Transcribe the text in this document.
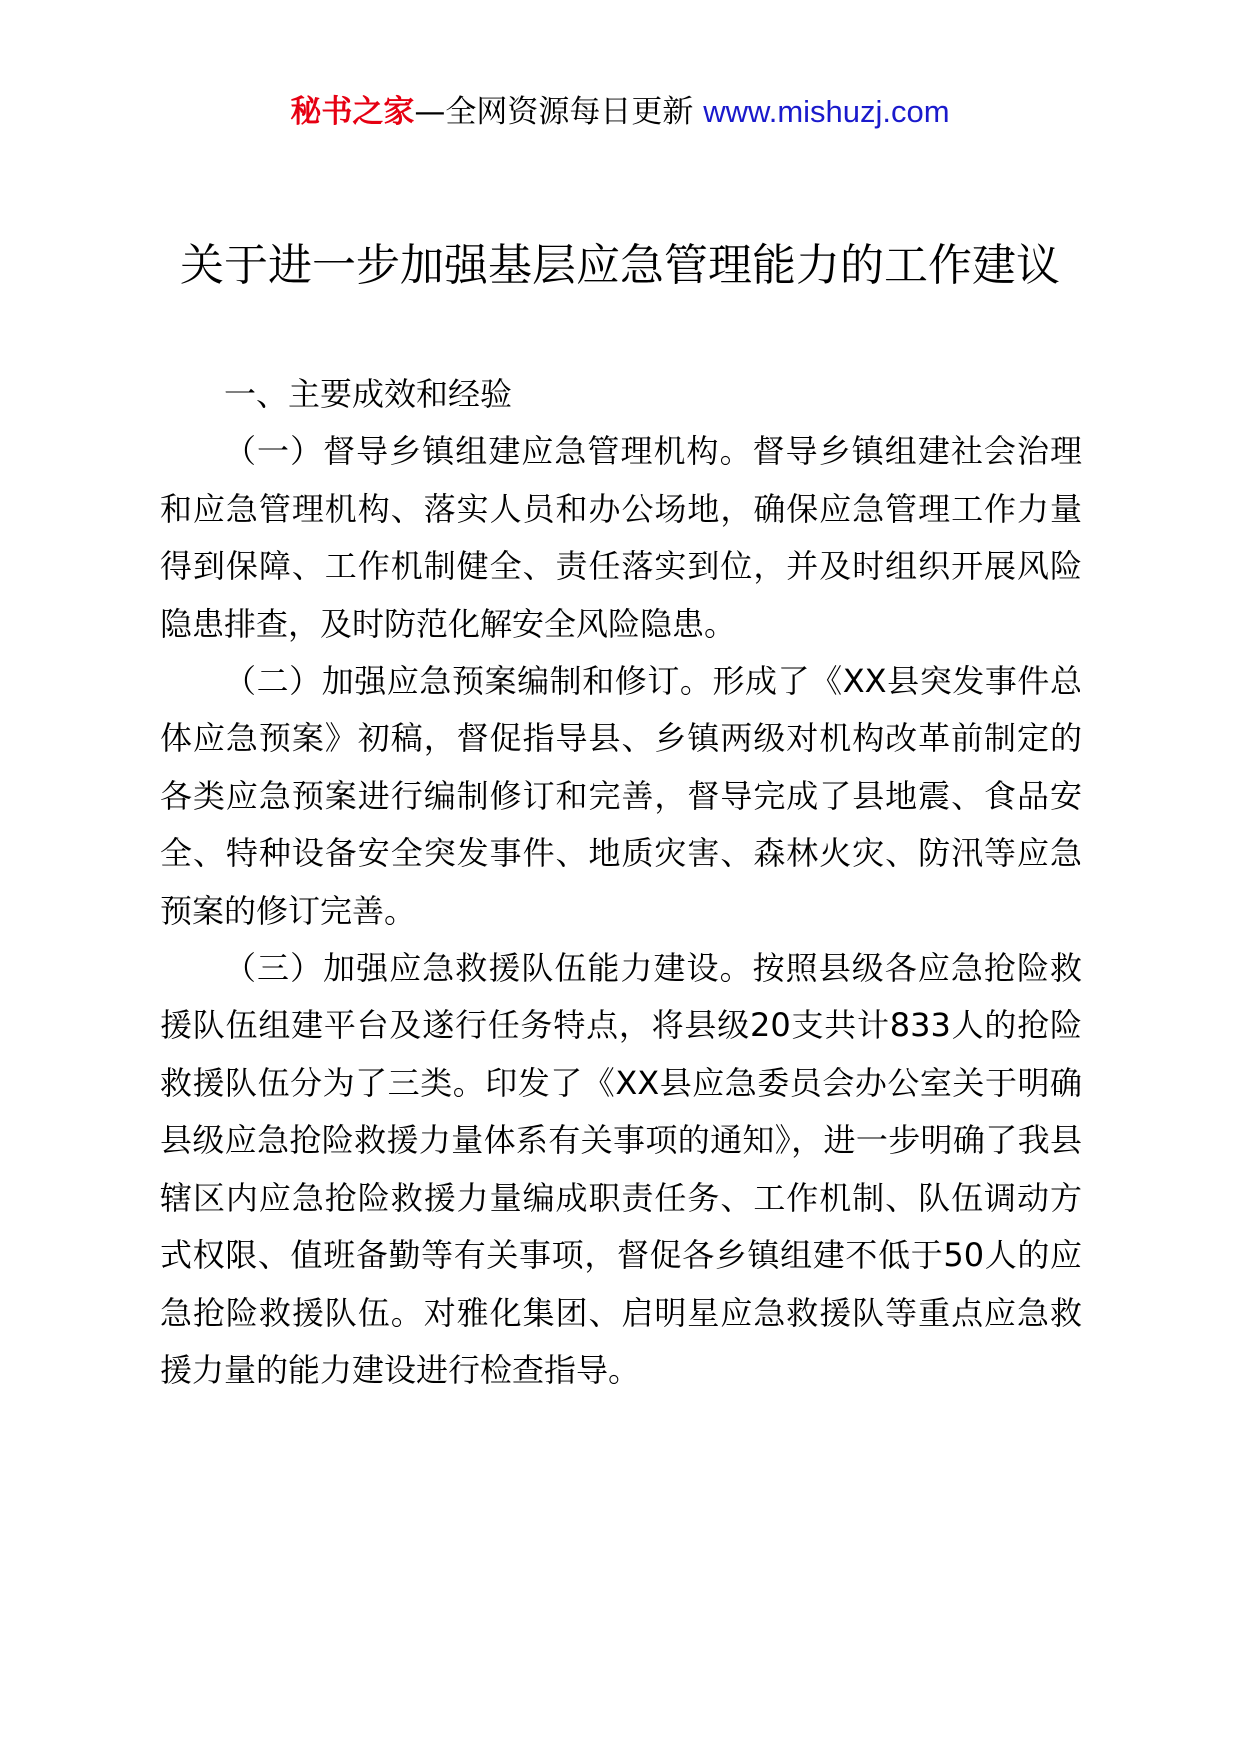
秘书之家—全网资源每日更新 www.mishuzj.com
关于进一步加强基层应急管理能力的工作建议

一、主要成效和经验

（一）督导乡镇组建应急管理机构。督导乡镇组建社会治理和应急管理机构、落实人员和办公场地，确保应急管理工作力量得到保障、工作机制健全、责任落实到位，并及时组织开展风险隐患排查，及时防范化解安全风险隐患。

（二）加强应急预案编制和修订。形成了《XX县突发事件总体应急预案》初稿，督促指导县、乡镇两级对机构改革前制定的各类应急预案进行编制修订和完善，督导完成了县地震、食品安全、特种设备安全突发事件、地质灾害、森林火灾、防汛等应急预案的修订完善。

（三）加强应急救援队伍能力建设。按照县级各应急抢险救援队伍组建平台及遂行任务特点，将县级20支共计833人的抢险救援队伍分为了三类。印发了《XX县应急委员会办公室关于明确县级应急抢险救援力量体系有关事项的通知》，进一步明确了我县辖区内应急抢险救援力量编成职责任务、工作机制、队伍调动方式权限、值班备勤等有关事项，督促各乡镇组建不低于50人的应急抢险救援队伍。对雅化集团、启明星应急救援队等重点应急救援力量的能力建设进行检查指导。
